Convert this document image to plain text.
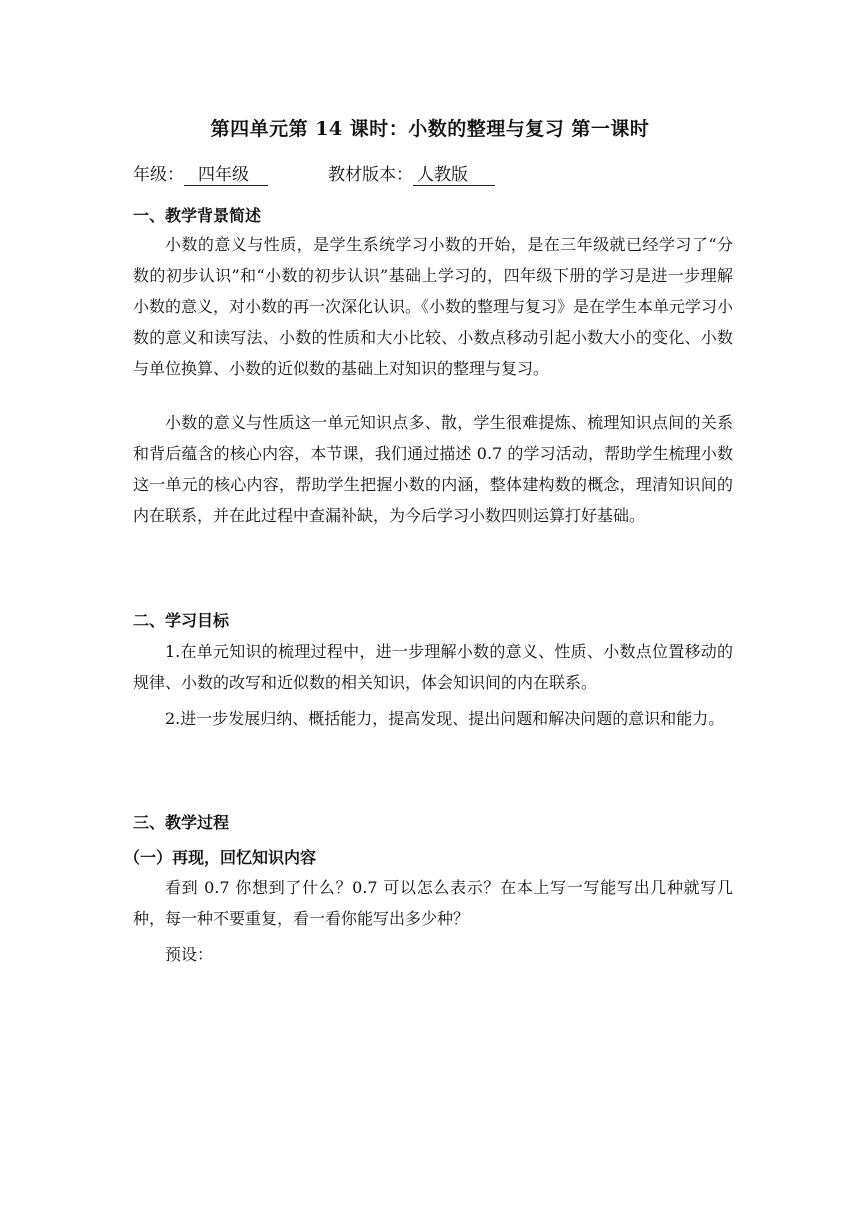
第四单元第 14 课时：小数的整理与复习 第一课时
年级： 四年级	教材版本： 人教版
一、教学背景简述

小数的意义与性质，是学生系统学习小数的开始，是在三年级就已经学习了“分数的初步认识”和“小数的初步认识”基础上学习的，四年级下册的学习是进一步理解小数的意义，对小数的再一次深化认识。《小数的整理与复习》是在学生本单元学习小数的意义和读写法、小数的性质和大小比较、小数点移动引起小数大小的变化、小数与单位换算、小数的近似数的基础上对知识的整理与复习。

小数的意义与性质这一单元知识点多、散，学生很难提炼、梳理知识点间的关系和背后蕴含的核心内容，本节课，我们通过描述 0.7 的学习活动，帮助学生梳理小数这一单元的核心内容，帮助学生把握小数的内涵，整体建构数的概念，理清知识间的内在联系，并在此过程中查漏补缺，为今后学习小数四则运算打好基础。

二、学习目标

1.在单元知识的梳理过程中，进一步理解小数的意义、性质、小数点位置移动的规律、小数的改写和近似数的相关知识，体会知识间的内在联系。

2.进一步发展归纳、概括能力，提高发现、提出问题和解决问题的意识和能力。

三、教学过程
（一）再现，回忆知识内容

看到 0.7 你想到了什么？0.7 可以怎么表示？在本上写一写能写出几种就写几种，每一种不要重复，看一看你能写出多少种？

预设：
